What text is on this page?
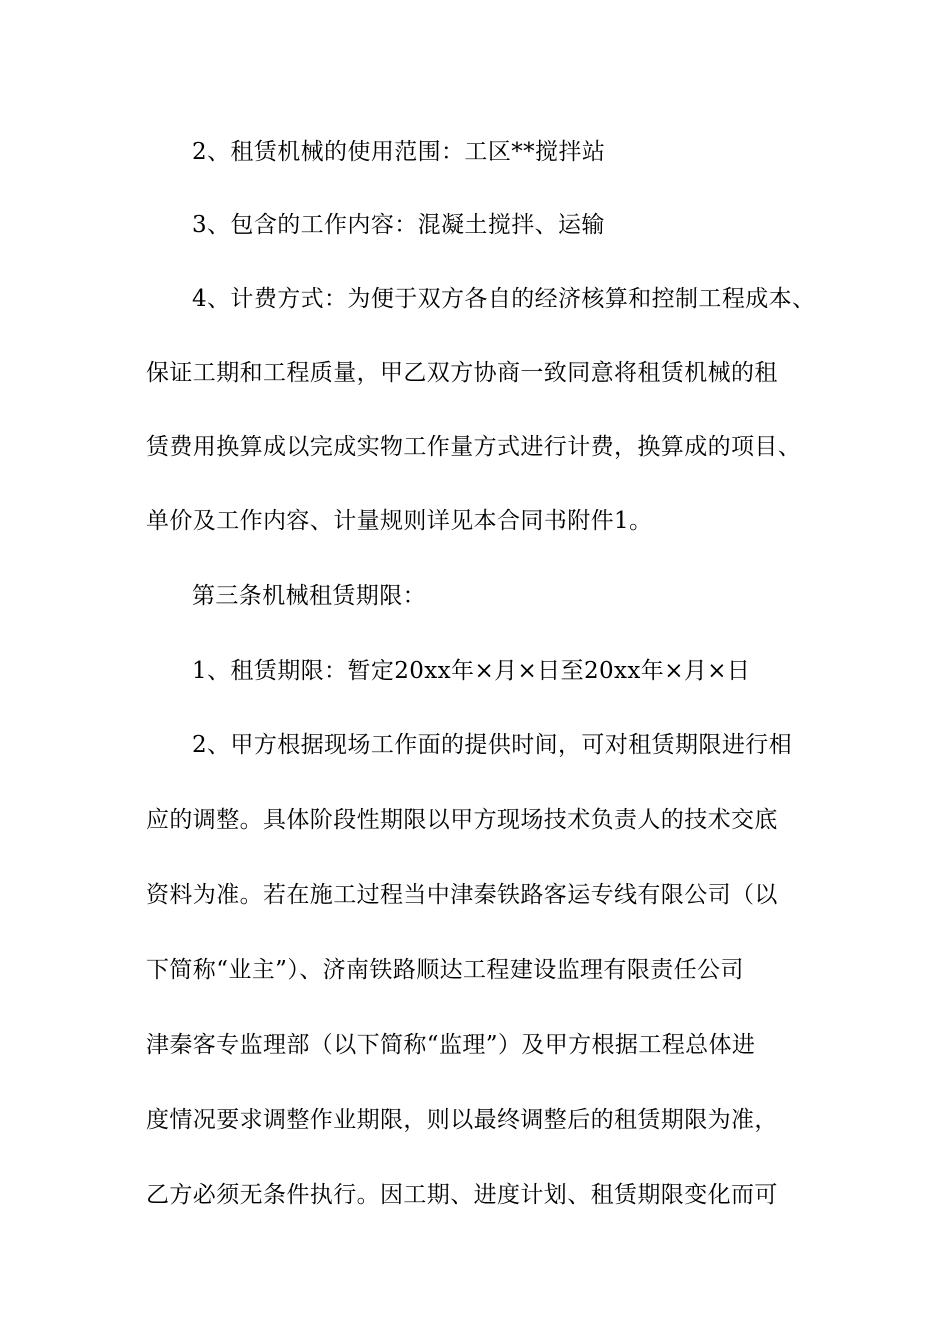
2、租赁机械的使用范围：工区**搅拌站
3、包含的工作内容：混凝土搅拌、运输
4、计费方式：为便于双方各自的经济核算和控制工程成本、
保证工期和工程质量，甲乙双方协商一致同意将租赁机械的租
赁费用换算成以完成实物工作量方式进行计费，换算成的项目、
单价及工作内容、计量规则详见本合同书附件1。
第三条机械租赁期限：
1、租赁期限：暂定20xx年×月×日至20xx年×月×日
2、甲方根据现场工作面的提供时间，可对租赁期限进行相
应的调整。具体阶段性期限以甲方现场技术负责人的技术交底
资料为准。若在施工过程当中津秦铁路客运专线有限公司（以
下简称“业主”）、济南铁路顺达工程建设监理有限责任公司
津秦客专监理部（以下简称“监理”）及甲方根据工程总体进
度情况要求调整作业期限，则以最终调整后的租赁期限为准，
乙方必须无条件执行。因工期、进度计划、租赁期限变化而可
